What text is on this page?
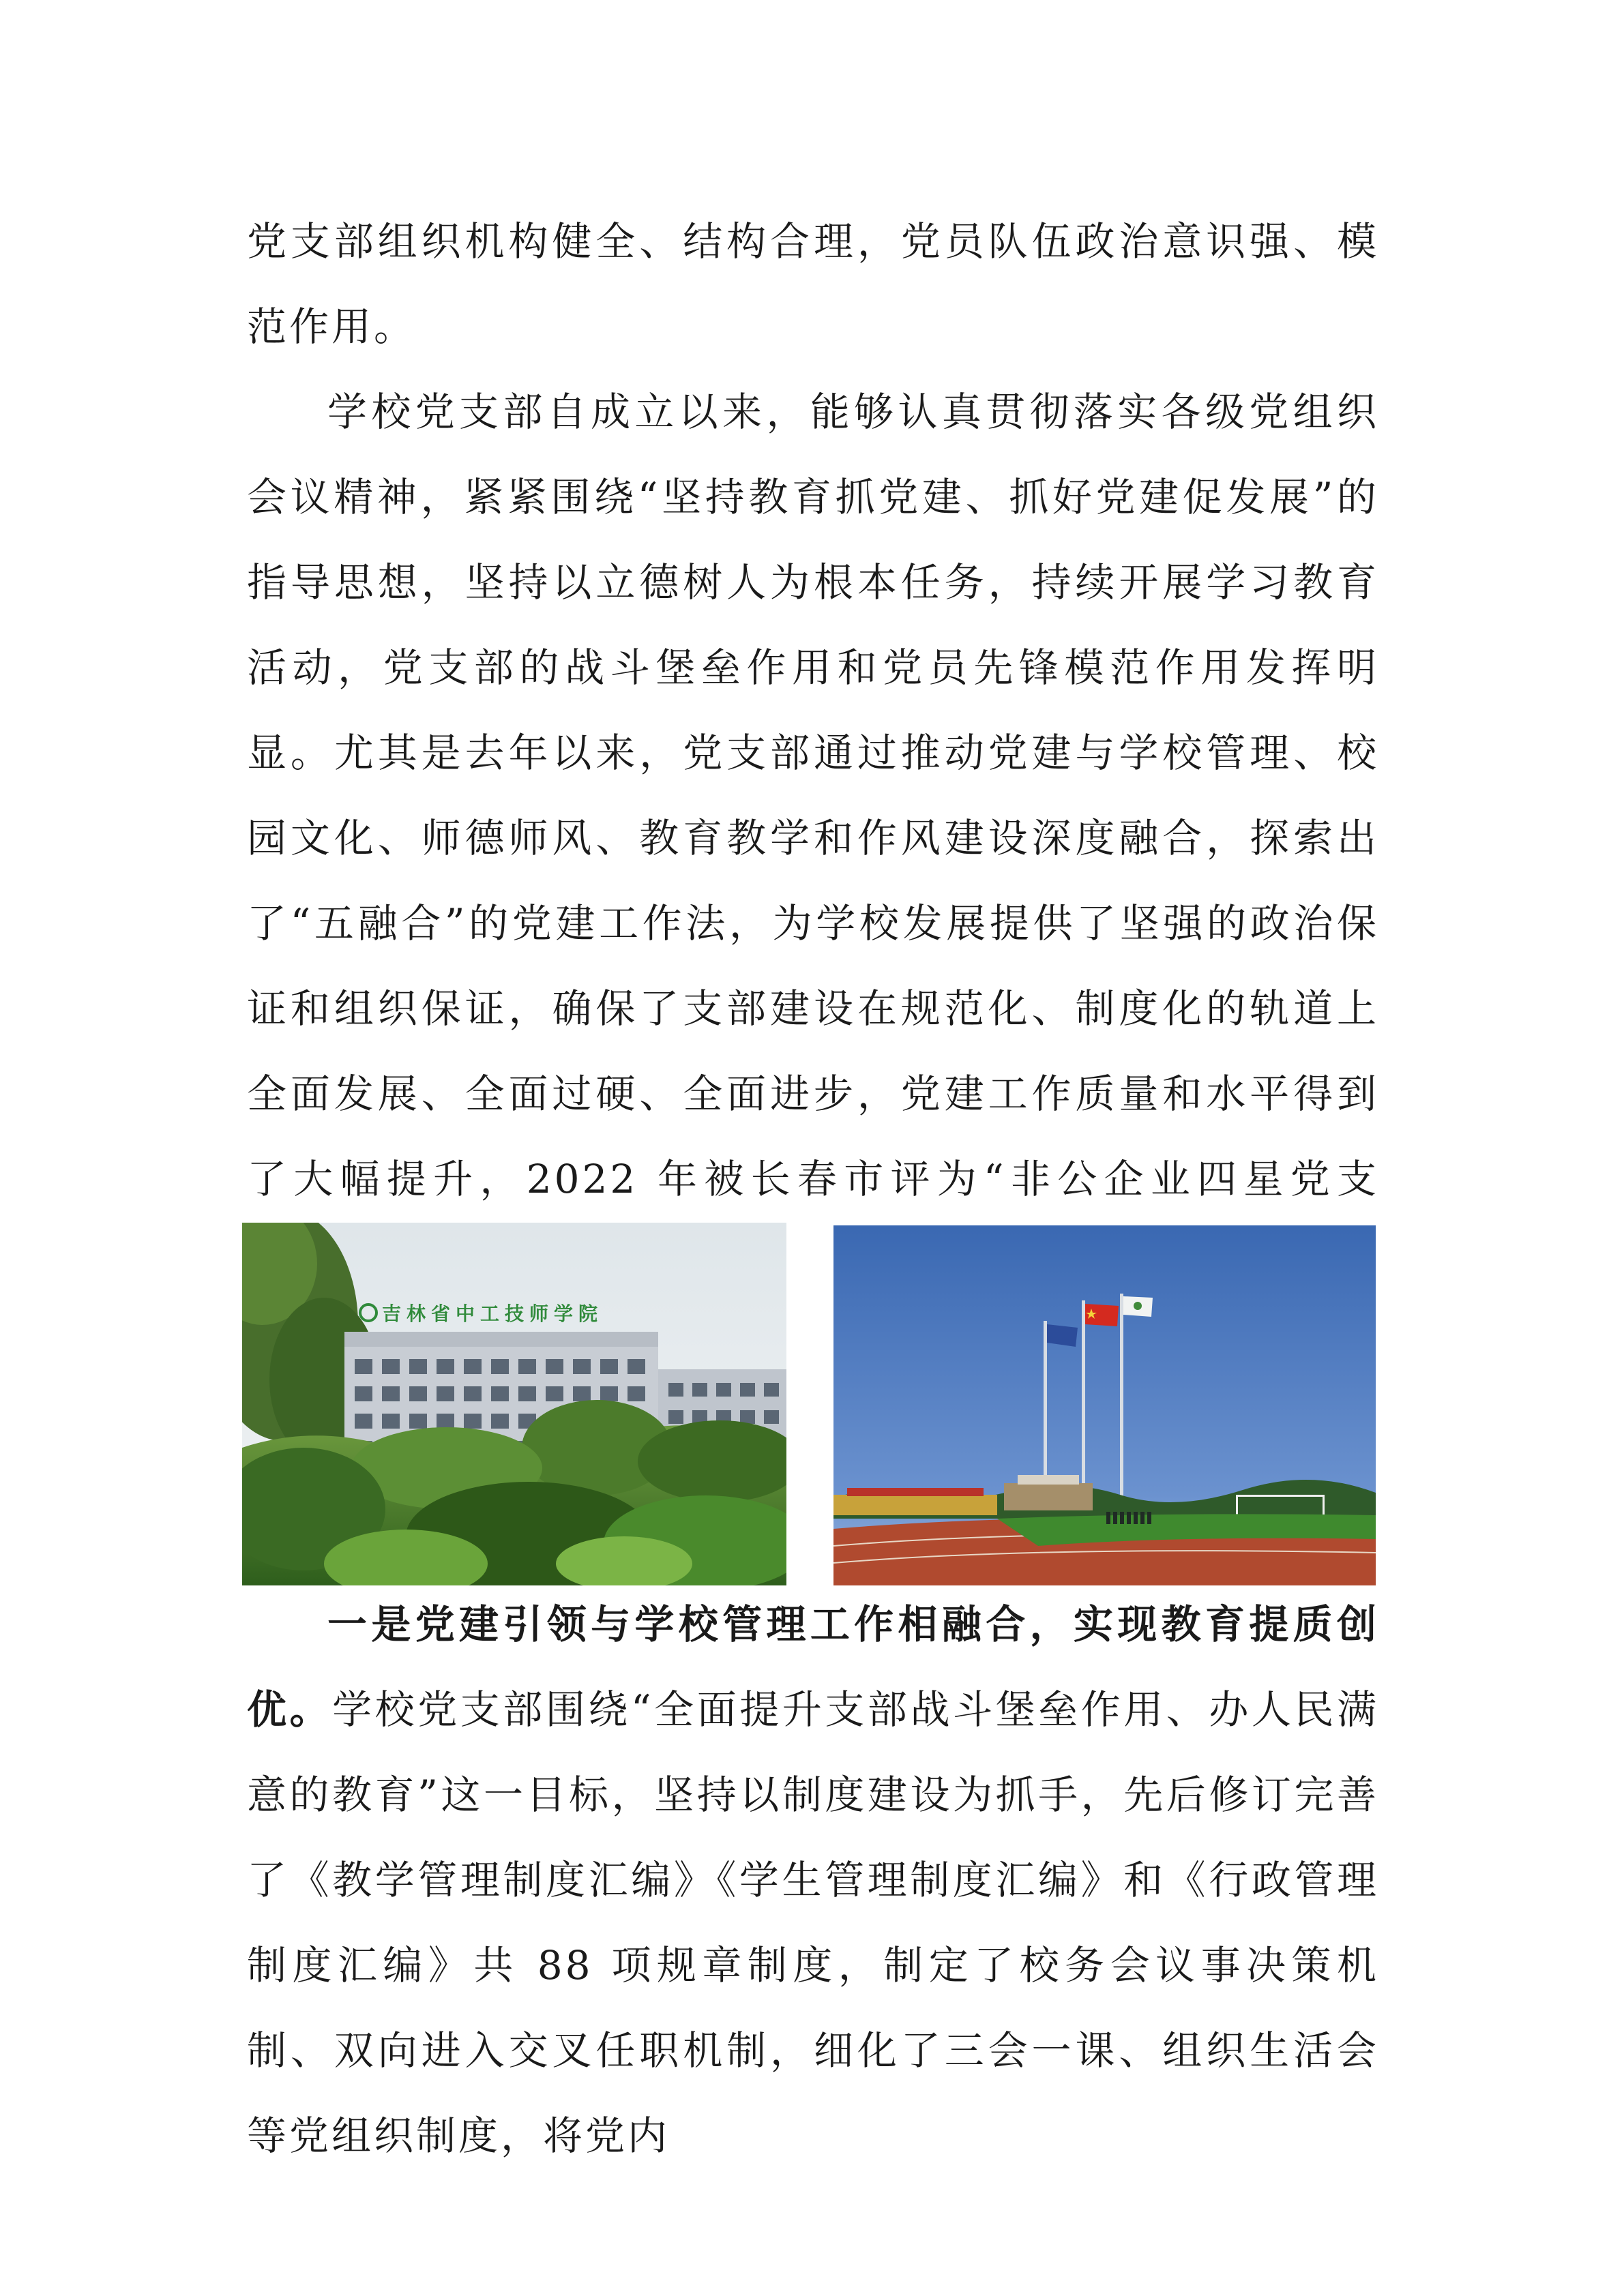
党支部组织机构健全、结构合理，党员队伍政治意识强、模范作用。

学校党支部自成立以来，能够认真贯彻落实各级党组织会议精神，紧紧围绕“坚持教育抓党建、抓好党建促发展”的指导思想，坚持以立德树人为根本任务，持续开展学习教育活动，党支部的战斗堡垒作用和党员先锋模范作用发挥明显。尤其是去年以来，党支部通过推动党建与学校管理、校园文化、师德师风、教育教学和作风建设深度融合，探索出了“五融合”的党建工作法，为学校发展提供了坚强的政治保证和组织保证，确保了支部建设在规范化、制度化的轨道上全面发展、全面过硬、全面进步，党建工作质量和水平得到了大幅提升，2022 年被长春市评为“非公企业四星党支

吉林省中工技师学院

一是党建引领与学校管理工作相融合，实现教育提质创优。学校党支部围绕“全面提升支部战斗堡垒作用、办人民满意的教育”这一目标，坚持以制度建设为抓手，先后修订完善了《教学管理制度汇编》《学生管理制度汇编》和《行政管理制度汇编》共 88 项规章制度，制定了校务会议事决策机制、双向进入交叉任职机制，细化了三会一课、组织生活会等党组织制度，将党内
